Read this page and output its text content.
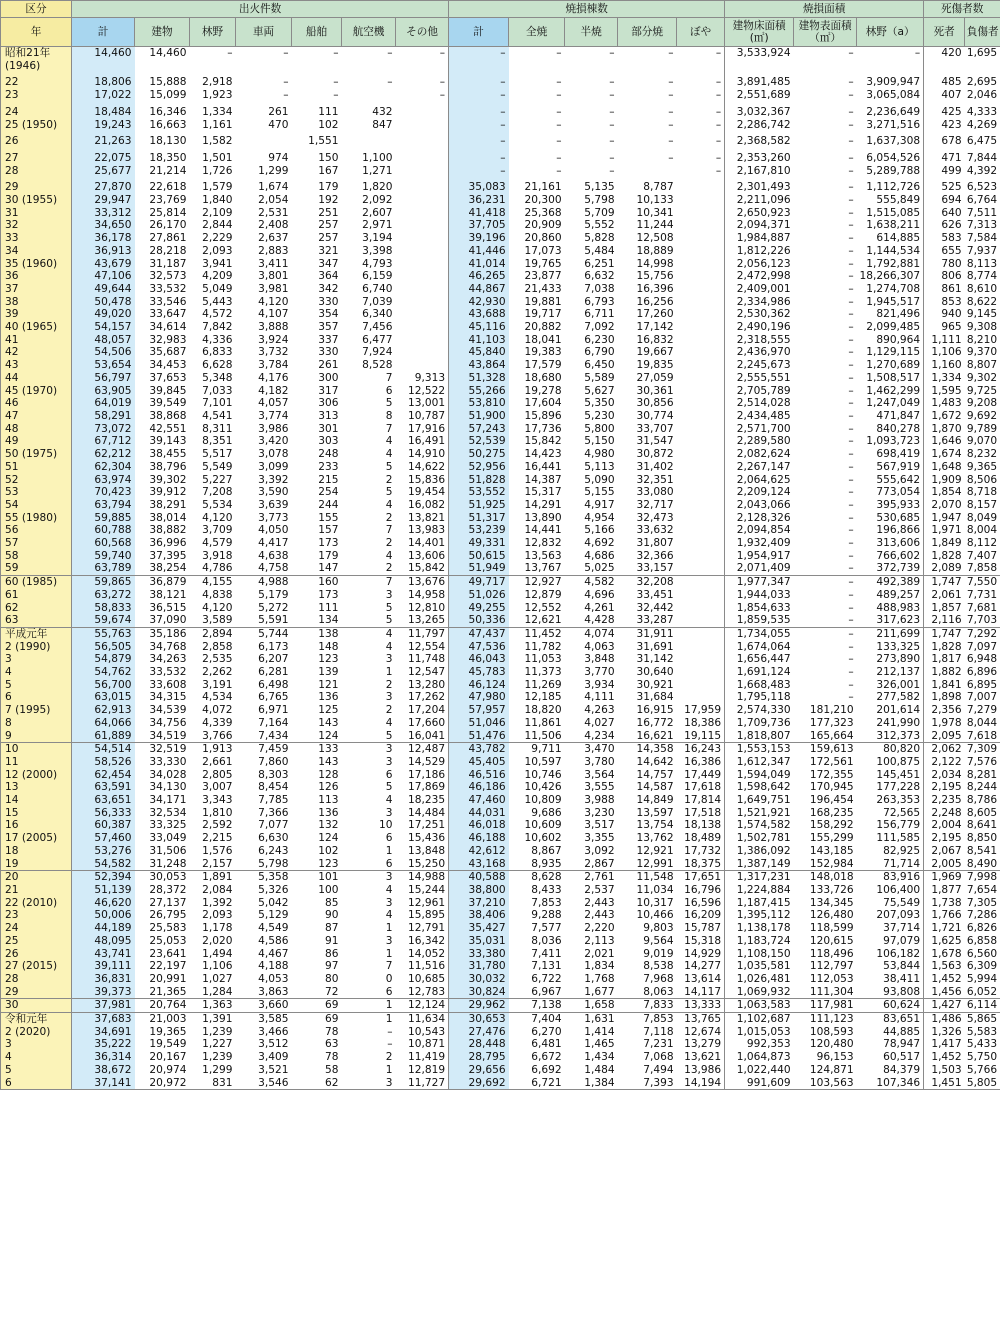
区分	出火件数							焼損棟数					焼損面積			死傷者数	
年	計	建物	林野	車両	船舶	航空機	その他	計	全焼	半焼	部分焼	ぼや	建物床面積(㎡)	建物表面積（㎡）	林野（a）	死者	負傷者
昭和21年	14,460	14,460	–	–	–	–	–	–	–	–	–	–	3,533,924	–	–	420	1,695
(1946)																	

22	18,806	15,888	2,918	–	–	–	–	–	–	–	–	–	3,891,485	–	3,909,947	485	2,695
23	17,022	15,099	1,923	–	–		–	–	–	–	–	–	2,551,689	–	3,065,084	407	2,046

24	18,484	16,346	1,334	261	111	432		–	–	–	–	–	3,032,367	–	2,236,649	425	4,333
25 (1950)	19,243	16,663	1,161	470	102	847		–	–	–	–	–	2,286,742	–	3,271,516	423	4,269

26	21,263	18,130	1,582		1,551			–	–	–	–	–	2,368,582	–	1,637,308	678	6,475

27	22,075	18,350	1,501	974	150	1,100		–	–	–	–	–	2,353,260	–	6,054,526	471	7,844
28	25,677	21,214	1,726	1,299	167	1,271		–	–	–		–	2,167,810	–	5,289,788	499	4,392

29	27,870	22,618	1,579	1,674	179	1,820		35,083	21,161	5,135	8,787		2,301,493	–	1,112,726	525	6,523
30 (1955)	29,947	23,769	1,840	2,054	192	2,092		36,231	20,300	5,798	10,133		2,211,096	–	555,849	694	6,764
31	33,312	25,814	2,109	2,531	251	2,607		41,418	25,368	5,709	10,341		2,650,923	–	1,515,085	640	7,511
32	34,650	26,170	2,844	2,408	257	2,971		37,705	20,909	5,552	11,244		2,094,371	–	1,638,211	626	7,313
33	36,178	27,861	2,229	2,637	257	3,194		39,196	20,860	5,828	12,508		1,984,887	–	614,885	583	7,584
34	36,913	28,218	2,093	2,883	321	3,398		41,446	17,073	5,484	18,889		1,812,226	–	1,144,534	655	7,937
35 (1960)	43,679	31,187	3,941	3,411	347	4,793		41,014	19,765	6,251	14,998		2,056,123	–	1,792,881	780	8,113
36	47,106	32,573	4,209	3,801	364	6,159		46,265	23,877	6,632	15,756		2,472,998	–	18,266,307	806	8,774
37	49,644	33,532	5,049	3,981	342	6,740		44,867	21,433	7,038	16,396		2,409,001	–	1,274,708	861	8,610
38	50,478	33,546	5,443	4,120	330	7,039		42,930	19,881	6,793	16,256		2,334,986	–	1,945,517	853	8,622
39	49,020	33,647	4,572	4,107	354	6,340		43,688	19,717	6,711	17,260		2,530,362	–	821,496	940	9,145
40 (1965)	54,157	34,614	7,842	3,888	357	7,456		45,116	20,882	7,092	17,142		2,490,196	–	2,099,485	965	9,308
41	48,057	32,983	4,336	3,924	337	6,477		41,103	18,041	6,230	16,832		2,318,555	–	890,964	1,111	8,210
42	54,506	35,687	6,833	3,732	330	7,924		45,840	19,383	6,790	19,667		2,436,970	–	1,129,115	1,106	9,370
43	53,654	34,453	6,628	3,784	261	8,528		43,864	17,579	6,450	19,835		2,245,673	–	1,270,689	1,160	8,807
44	56,797	37,653	5,348	4,176	300	7	9,313	51,328	18,680	5,589	27,059		2,555,551	–	1,508,517	1,334	9,302
45 (1970)	63,905	39,845	7,033	4,182	317	6	12,522	55,266	19,278	5,627	30,361		2,705,789	–	1,462,299	1,595	9,725
46	64,019	39,549	7,101	4,057	306	5	13,001	53,810	17,604	5,350	30,856		2,514,028	–	1,247,049	1,483	9,208
47	58,291	38,868	4,541	3,774	313	8	10,787	51,900	15,896	5,230	30,774		2,434,485	–	471,847	1,672	9,692
48	73,072	42,551	8,311	3,986	301	7	17,916	57,243	17,736	5,800	33,707		2,571,700	–	840,278	1,870	9,789
49	67,712	39,143	8,351	3,420	303	4	16,491	52,539	15,842	5,150	31,547		2,289,580	–	1,093,723	1,646	9,070
50 (1975)	62,212	38,455	5,517	3,078	248	4	14,910	50,275	14,423	4,980	30,872		2,082,624	–	698,419	1,674	8,232
51	62,304	38,796	5,549	3,099	233	5	14,622	52,956	16,441	5,113	31,402		2,267,147	–	567,919	1,648	9,365
52	63,974	39,302	5,227	3,392	215	2	15,836	51,828	14,387	5,090	32,351		2,064,625	–	555,642	1,909	8,506
53	70,423	39,912	7,208	3,590	254	5	19,454	53,552	15,317	5,155	33,080		2,209,124	–	773,054	1,854	8,718
54	63,794	38,291	5,534	3,639	244	4	16,082	51,925	14,291	4,917	32,717		2,043,066	–	395,933	2,070	8,157
55 (1980)	59,885	38,014	4,120	3,773	155	2	13,821	51,317	13,890	4,954	32,473		2,128,326	–	530,685	1,947	8,049
56	60,788	38,882	3,709	4,050	157	7	13,983	53,239	14,441	5,166	33,632		2,094,854	–	196,866	1,971	8,004
57	60,568	36,996	4,579	4,417	173	2	14,401	49,331	12,832	4,692	31,807		1,932,409	–	313,606	1,849	8,112
58	59,740	37,395	3,918	4,638	179	4	13,606	50,615	13,563	4,686	32,366		1,954,917	–	766,602	1,828	7,407
59	63,789	38,254	4,786	4,758	147	2	15,842	51,949	13,767	5,025	33,157		2,071,409	–	372,739	2,089	7,858
60 (1985)	59,865	36,879	4,155	4,988	160	7	13,676	49,717	12,927	4,582	32,208		1,977,347	–	492,389	1,747	7,550
61	63,272	38,121	4,838	5,179	173	3	14,958	51,026	12,879	4,696	33,451		1,944,033	–	489,257	2,061	7,731
62	58,833	36,515	4,120	5,272	111	5	12,810	49,255	12,552	4,261	32,442		1,854,633	–	488,983	1,857	7,681
63	59,674	37,090	3,589	5,591	134	5	13,265	50,336	12,621	4,428	33,287		1,859,535	–	317,623	2,116	7,703
平成元年	55,763	35,186	2,894	5,744	138	4	11,797	47,437	11,452	4,074	31,911		1,734,055	–	211,699	1,747	7,292
2 (1990)	56,505	34,768	2,858	6,173	148	4	12,554	47,536	11,782	4,063	31,691		1,674,064	–	133,325	1,828	7,097
3	54,879	34,263	2,535	6,207	123	3	11,748	46,043	11,053	3,848	31,142		1,656,447	–	273,890	1,817	6,948
4	54,762	33,532	2,262	6,281	139	1	12,547	45,783	11,373	3,770	30,640		1,691,124	–	212,137	1,882	6,896
5	56,700	33,608	3,191	6,498	121	2	13,280	46,124	11,269	3,934	30,921		1,668,483	–	326,001	1,841	6,895
6	63,015	34,315	4,534	6,765	136	3	17,262	47,980	12,185	4,111	31,684		1,795,118	–	277,582	1,898	7,007
7 (1995)	62,913	34,539	4,072	6,971	125	2	17,204	57,957	18,820	4,263	16,915	17,959	2,574,330	181,210	201,614	2,356	7,279
8	64,066	34,756	4,339	7,164	143	4	17,660	51,046	11,861	4,027	16,772	18,386	1,709,736	177,323	241,990	1,978	8,044
9	61,889	34,519	3,766	7,434	124	5	16,041	51,476	11,506	4,234	16,621	19,115	1,818,807	165,664	312,373	2,095	7,618
10	54,514	32,519	1,913	7,459	133	3	12,487	43,782	9,711	3,470	14,358	16,243	1,553,153	159,613	80,820	2,062	7,309
11	58,526	33,330	2,661	7,860	143	3	14,529	45,405	10,597	3,780	14,642	16,386	1,612,347	172,561	100,875	2,122	7,576
12 (2000)	62,454	34,028	2,805	8,303	128	6	17,186	46,516	10,746	3,564	14,757	17,449	1,594,049	172,355	145,451	2,034	8,281
13	63,591	34,130	3,007	8,454	126	5	17,869	46,186	10,426	3,555	14,587	17,618	1,598,642	170,945	177,228	2,195	8,244
14	63,651	34,171	3,343	7,785	113	4	18,235	47,460	10,809	3,988	14,849	17,814	1,649,751	196,454	263,353	2,235	8,786
15	56,333	32,534	1,810	7,366	136	3	14,484	44,031	9,686	3,230	13,597	17,518	1,521,921	168,235	72,565	2,248	8,605
16	60,387	33,325	2,592	7,077	132	10	17,251	46,018	10,609	3,517	13,754	18,138	1,574,582	158,292	156,779	2,004	8,641
17 (2005)	57,460	33,049	2,215	6,630	124	6	15,436	46,188	10,602	3,355	13,762	18,489	1,502,781	155,299	111,585	2,195	8,850
18	53,276	31,506	1,576	6,243	102	1	13,848	42,612	8,867	3,092	12,921	17,732	1,386,092	143,185	82,925	2,067	8,541
19	54,582	31,248	2,157	5,798	123	6	15,250	43,168	8,935	2,867	12,991	18,375	1,387,149	152,984	71,714	2,005	8,490
20	52,394	30,053	1,891	5,358	101	3	14,988	40,588	8,628	2,761	11,548	17,651	1,317,231	148,018	83,916	1,969	7,998
21	51,139	28,372	2,084	5,326	100	4	15,244	38,800	8,433	2,537	11,034	16,796	1,224,884	133,726	106,400	1,877	7,654
22 (2010)	46,620	27,137	1,392	5,042	85	3	12,961	37,210	7,853	2,443	10,317	16,596	1,187,415	134,345	75,549	1,738	7,305
23	50,006	26,795	2,093	5,129	90	4	15,895	38,406	9,288	2,443	10,466	16,209	1,395,112	126,480	207,093	1,766	7,286
24	44,189	25,583	1,178	4,549	87	1	12,791	35,427	7,577	2,220	9,803	15,787	1,138,178	118,599	37,714	1,721	6,826
25	48,095	25,053	2,020	4,586	91	3	16,342	35,031	8,036	2,113	9,564	15,318	1,183,724	120,615	97,079	1,625	6,858
26	43,741	23,641	1,494	4,467	86	1	14,052	33,380	7,411	2,021	9,019	14,929	1,108,150	118,496	106,182	1,678	6,560
27 (2015)	39,111	22,197	1,106	4,188	97	7	11,516	31,780	7,131	1,834	8,538	14,277	1,035,581	112,797	53,844	1,563	6,309
28	36,831	20,991	1,027	4,053	80	0	10,685	30,032	6,722	1,768	7,968	13,614	1,026,481	112,053	38,411	1,452	5,994
29	39,373	21,365	1,284	3,863	72	6	12,783	30,824	6,967	1,677	8,063	14,117	1,069,932	111,304	93,808	1,456	6,052
30	37,981	20,764	1,363	3,660	69	1	12,124	29,962	7,138	1,658	7,833	13,333	1,063,583	117,981	60,624	1,427	6,114
令和元年	37,683	21,003	1,391	3,585	69	1	11,634	30,653	7,404	1,631	7,853	13,765	1,102,687	111,123	83,651	1,486	5,865
2 (2020)	34,691	19,365	1,239	3,466	78	–	10,543	27,476	6,270	1,414	7,118	12,674	1,015,053	108,593	44,885	1,326	5,583
3	35,222	19,549	1,227	3,512	63	–	10,871	28,448	6,481	1,465	7,231	13,279	992,353	120,480	78,947	1,417	5,433
4	36,314	20,167	1,239	3,409	78	2	11,419	28,795	6,672	1,434	7,068	13,621	1,064,873	96,153	60,517	1,452	5,750
5	38,672	20,974	1,299	3,521	58	1	12,819	29,656	6,692	1,484	7,494	13,986	1,022,440	124,871	84,379	1,503	5,766
6	37,141	20,972	831	3,546	62	3	11,727	29,692	6,721	1,384	7,393	14,194	991,609	103,563	107,346	1,451	5,805
